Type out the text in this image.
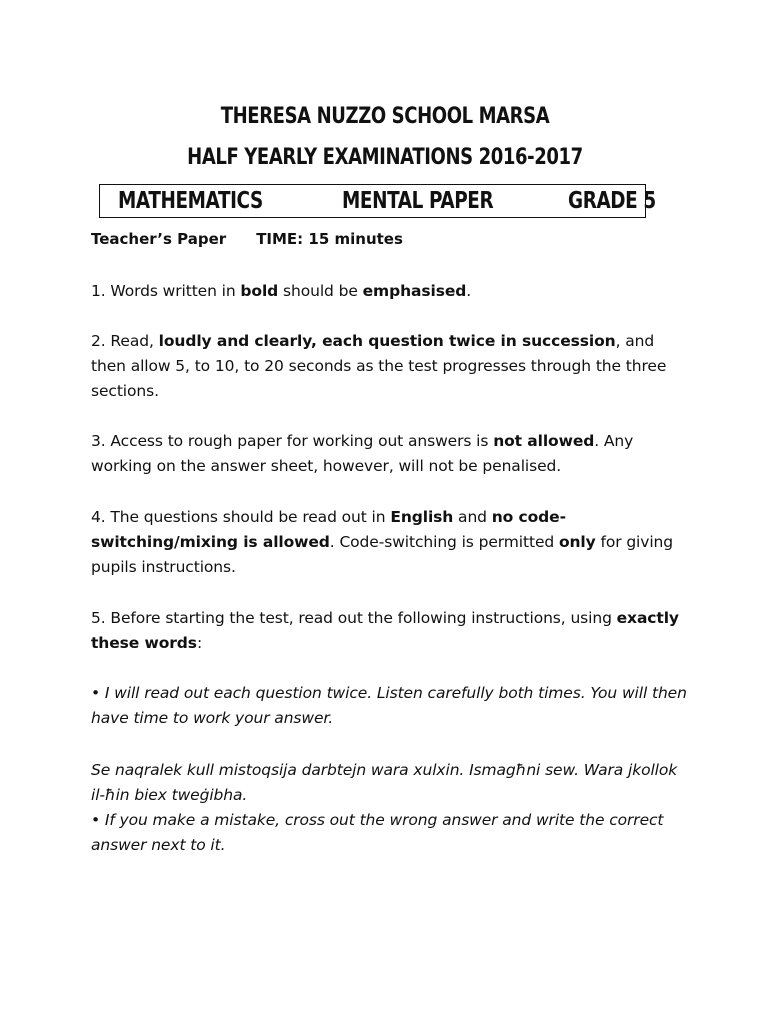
THERESA NUZZO SCHOOL MARSA
HALF YEARLY EXAMINATIONS 2016-2017
MATHEMATICS	MENTAL PAPER	GRADE 5
Teacher’s Paper TIME: 15 minutes
1. Words written in bold should be emphasised.
2. Read, loudly and clearly, each question twice in succession, and then allow 5, to 10, to 20 seconds as the test progresses through the three sections.
3. Access to rough paper for working out answers is not allowed. Any working on the answer sheet, however, will not be penalised.
4. The questions should be read out in English and no code-switching/mixing is allowed. Code-switching is permitted only for giving pupils instructions.
5. Before starting the test, read out the following instructions, using exactly these words:
• I will read out each question twice. Listen carefully both times. You will then have time to work your answer.
Se naqralek kull mistoqsija darbtejn wara xulxin. Ismagħni sew. Wara jkollok il-ħin biex tweġibha.
• If you make a mistake, cross out the wrong answer and write the correct answer next to it.
